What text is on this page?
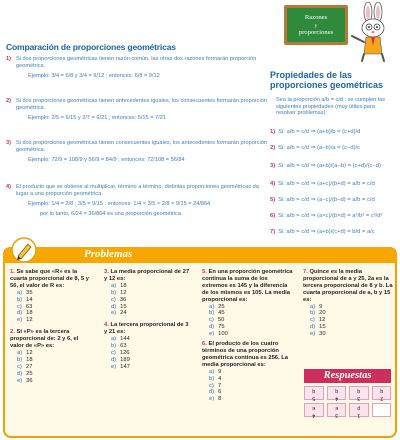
Comparación de proporciones geométricas
1) Si dos proporciones geométricas tienen razón común, las otras dos razones formarán proporción geométrica.
Ejemplo: 3/4 = 6/8 y 3/4 = 9/12 ; entonces: 6/8 = 9/12
2) Si dos proporciones geométricas tienen antecedentes iguales, los consecuentes formarán proporción geométrica.
Ejemplo: 2/5 = 6/15 y 2/7 = 6/21 ; entonces: 5/15 = 7/21
3) Si dos proporciones geométricas tienen consecuentes iguales, los antecedentes formarán proporción geométrica.
Ejemplo: 72/9 = 108/9 y 56/9 = 84/9 ; entonces: 72/108 = 56/84
4) El producto que se obtiene al multiplicar, término a término, distintas proporciones geométricas da lugar a una proporción geométrica.
Ejemplo: 1/4 = 2/8 ; 3/5 = 9/15 ; entonces: 1/4 × 3/5 × 2/8 × 9/15 = 24/864
por lo tanto, 6/24 = 36/864 es una proporción geométrica.
Razones
y
proporciones
Propiedades de las proporciones geométricas
Sea la proporción a/b = c/d ; se cumplen las siguientes propiedades (muy útiles para resolver problemas):
1) Si: a/b = c/d ⇒ (a+b)/b = (c+d)/d
2) Si: a/b = c/d ⇒ (a−b)/a = (c−d)/c
3) Si: a/b = c/d ⇒ (a+b)/(a−b) = (c+d)/(c−d)
4) Si: a/b = c/d ⇒ (a+c)/(b+d) = a/b = c/d
5) Si: a/b = c/d ⇒ (a−c)/(b−d) = a/b = c/d
6) Si: a/b = c/d ⇒ (a×c)/(b×d) = a²/b² = c²/d²
7) Si: a/b = c/d ⇒ (a+b)/(c+d) = b/d = a/c
Problemas
1. Se sabe que «R» es la cuarta proporcional de 8, 5 y 56, el valor de R es:
a) 35
b) 14
c) 63
d) 18
e) 12
2. Si «P» es la tercera proporcional de: 2 y 6, el valor de «P» es:
a) 12
b) 18
c) 27
d) 25
e) 36
3. La media proporcional de 27 y 12 es:
a) 18
b) 12
c) 36
d) 15
e) 24
4. La tercera proporcional de 3 y 21 es:
a) 144
b) 63
c) 126
d) 189
e) 147
5. En una proporción geométrica continua la suma de los extremos es 145 y la diferencia de los mismos es 105. La media proporcional es:
a) 25
b) 45
c) 50
d) 75
e) 100
6. El producto de los cuatro términos de una proporción geométrica continua es 256. La media proporcional es:
a) 9
b) 4
c) 7
d) 6
e) 8
7. Quince es la media proporcional de a y 25, 2a es la tercera proporcional de 8 y b. La cuarta proporcional de a, b y 15 es:
a) 9
b) 20
c) 12
d) 15
e) 30
Respuestas
q
5
q
4
q
3
q
2
e
4
e
3
p
1
